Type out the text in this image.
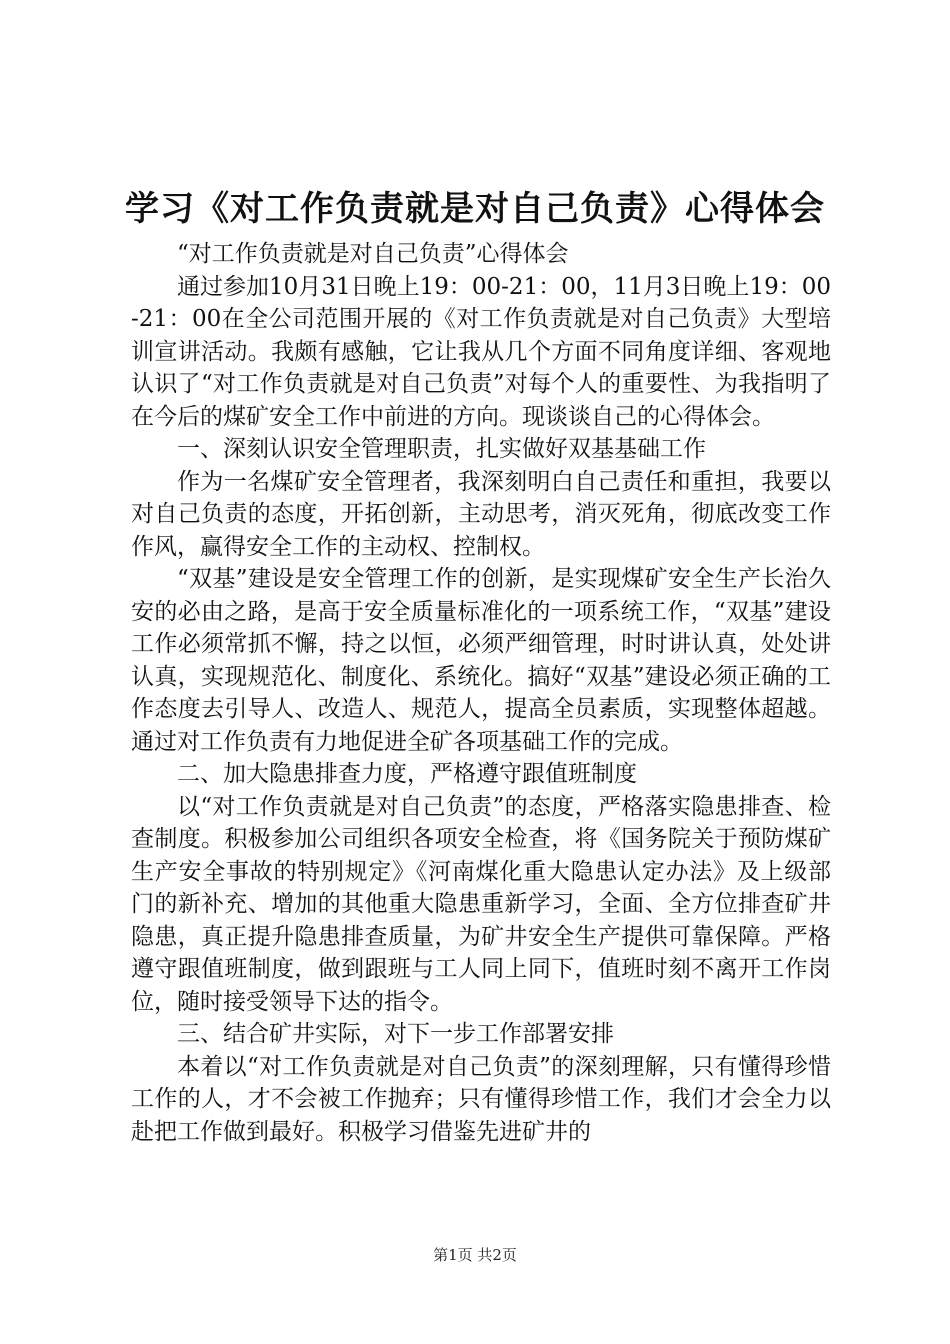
学习《对工作负责就是对自己负责》心得体会

“对工作负责就是对自己负责”心得体会

通过参加10月31日晚上19：00-21：00，11月3日晚上19：00-21：00在全公司范围开展的《对工作负责就是对自己负责》大型培训宣讲活动。我颇有感触，它让我从几个方面不同角度详细、客观地认识了“对工作负责就是对自己负责”对每个人的重要性、为我指明了在今后的煤矿安全工作中前进的方向。现谈谈自己的心得体会。

一、深刻认识安全管理职责，扎实做好双基基础工作

作为一名煤矿安全管理者，我深刻明白自己责任和重担，我要以对自己负责的态度，开拓创新，主动思考，消灭死角，彻底改变工作作风，赢得安全工作的主动权、控制权。

“双基”建设是安全管理工作的创新，是实现煤矿安全生产长治久安的必由之路，是高于安全质量标准化的一项系统工作，“双基”建设工作必须常抓不懈，持之以恒，必须严细管理，时时讲认真，处处讲认真，实现规范化、制度化、系统化。搞好“双基”建设必须正确的工作态度去引导人、改造人、规范人，提高全员素质，实现整体超越。通过对工作负责有力地促进全矿各项基础工作的完成。

二、加大隐患排查力度，严格遵守跟值班制度

以“对工作负责就是对自己负责”的态度，严格落实隐患排查、检查制度。积极参加公司组织各项安全检查，将《国务院关于预防煤矿生产安全事故的特别规定》《河南煤化重大隐患认定办法》及上级部门的新补充、增加的其他重大隐患重新学习，全面、全方位排查矿井隐患，真正提升隐患排查质量，为矿井安全生产提供可靠保障。严格遵守跟值班制度，做到跟班与工人同上同下，值班时刻不离开工作岗位，随时接受领导下达的指令。

三、结合矿井实际，对下一步工作部署安排

本着以“对工作负责就是对自己负责”的深刻理解，只有懂得珍惜工作的人，才不会被工作抛弃；只有懂得珍惜工作，我们才会全力以赴把工作做到最好。积极学习借鉴先进矿井的

第1页 共2页
